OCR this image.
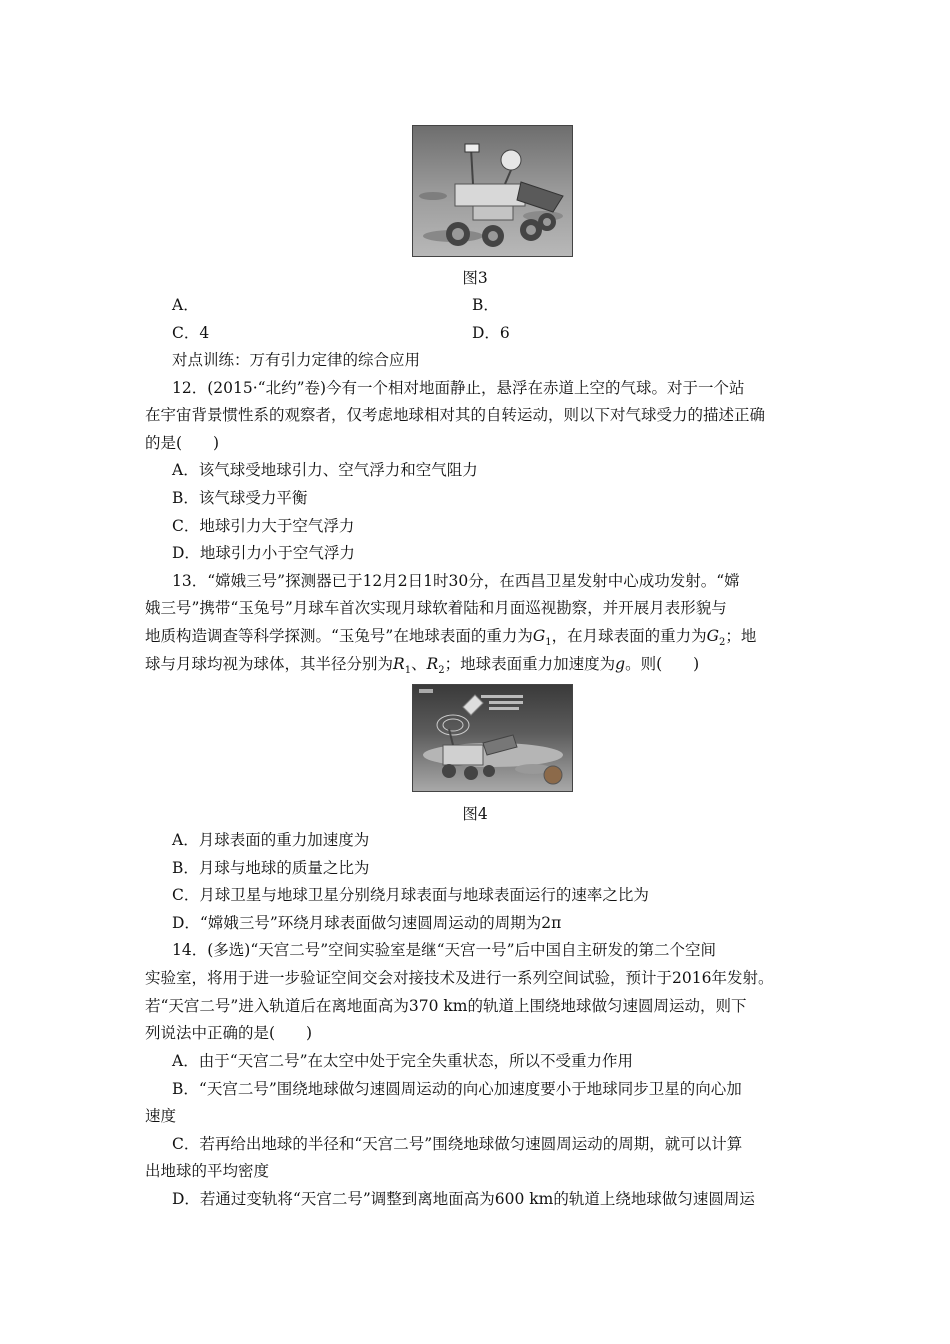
图3
A．	B．
C．4	D．6
对点训练：万有引力定律的综合应用
12．(2015·“北约”卷)今有一个相对地面静止，悬浮在赤道上空的气球。对于一个站
在宇宙背景惯性系的观察者，仅考虑地球相对其的自转运动，则以下对气球受力的描述正确
的是(　　)
A．该气球受地球引力、空气浮力和空气阻力
B．该气球受力平衡
C．地球引力大于空气浮力
D．地球引力小于空气浮力
13．“嫦娥三号”探测器已于12月2日1时30分，在西昌卫星发射中心成功发射。“嫦
娥三号”携带“玉兔号”月球车首次实现月球软着陆和月面巡视勘察，并开展月表形貌与
地质构造调查等科学探测。“玉兔号”在地球表面的重力为$G_1$，在月球表面的重力为$G_2$；地
球与月球均视为球体，其半径分别为$R_1$、$R_2$；地球表面重力加速度为g。则(　　)
图4
A．月球表面的重力加速度为
B．月球与地球的质量之比为
C．月球卫星与地球卫星分别绕月球表面与地球表面运行的速率之比为
D．“嫦娥三号”环绕月球表面做匀速圆周运动的周期为2π
14．(多选)“天宫二号”空间实验室是继“天宫一号”后中国自主研发的第二个空间
实验室，将用于进一步验证空间交会对接技术及进行一系列空间试验，预计于2016年发射。
若“天宫二号”进入轨道后在离地面高为370 km的轨道上围绕地球做匀速圆周运动，则下
列说法中正确的是(　　)
A．由于“天宫二号”在太空中处于完全失重状态，所以不受重力作用
B．“天宫二号”围绕地球做匀速圆周运动的向心加速度要小于地球同步卫星的向心加
速度
C．若再给出地球的半径和“天宫二号”围绕地球做匀速圆周运动的周期，就可以计算
出地球的平均密度
D．若通过变轨将“天宫二号”调整到离地面高为600 km的轨道上绕地球做匀速圆周运
